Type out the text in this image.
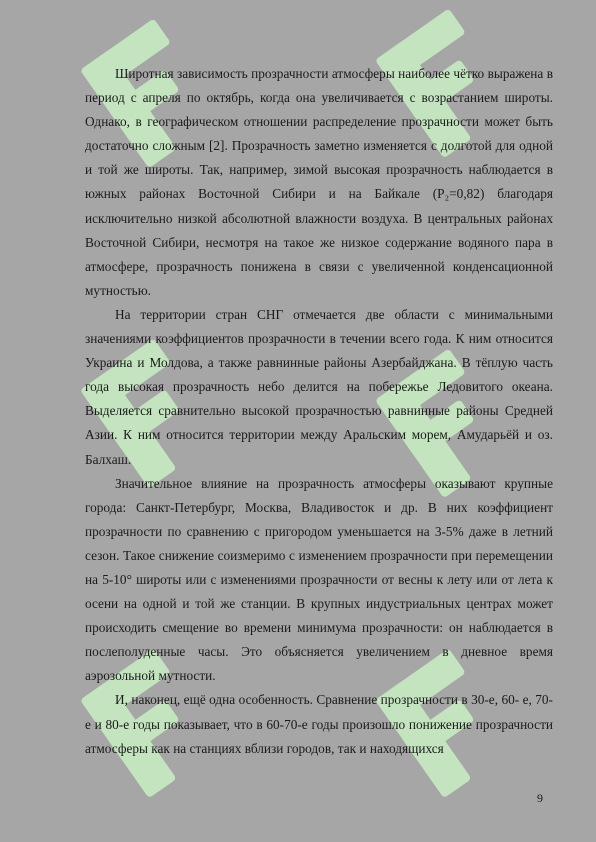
Широтная зависимость прозрачности атмосферы наиболее чётко выражена в период с апреля по октябрь, когда она увеличивается с возрастанием широты. Однако, в географическом отношении распределение прозрачности может быть достаточно сложным [2]. Прозрачность заметно изменяется с долготой для одной и той же широты. Так, например, зимой высокая прозрачность наблюдается в южных районах Восточной Сибири и на Байкале (Р₂=0,82) благодаря исключительно низкой абсолютной влажности воздуха. В центральных районах Восточной Сибири, несмотря на такое же низкое содержание водяного пара в атмосфере, прозрачность понижена в связи с увеличенной конденсационной мутностью.

На территории стран СНГ отмечается две области с минимальными значениями коэффициентов прозрачности в течении всего года. К ним относится Украина и Молдова, а также равнинные районы Азербайджана. В тёплую часть года высокая прозрачность небо делится на побережье Ледовитого океана. Выделяется сравнительно высокой прозрачностью равнинные районы Средней Азии. К ним относится территории между Аральским морем, Амударьёй и оз. Балхаш.

Значительное влияние на прозрачность атмосферы оказывают крупные города: Санкт-Петербург, Москва, Владивосток и др. В них коэффициент прозрачности по сравнению с пригородом уменьшается на 3-5% даже в летний сезон. Такое снижение соизмеримо с изменением прозрачности при перемещении на 5-10° широты или с изменениями прозрачности от весны к лету или от лета к осени на одной и той же станции. В крупных индустриальных центрах может происходить смещение во времени минимума прозрачности: он наблюдается в послеполуденные часы. Это объясняется увеличением в дневное время аэрозольной мутности.

И, наконец, ещё одна особенность. Сравнение прозрачности в 30-е, 60- е, 70-е и 80-е годы показывает, что в 60-70-е годы произошло понижение прозрачности атмосферы как на станциях вблизи городов, так и находящихся

9
